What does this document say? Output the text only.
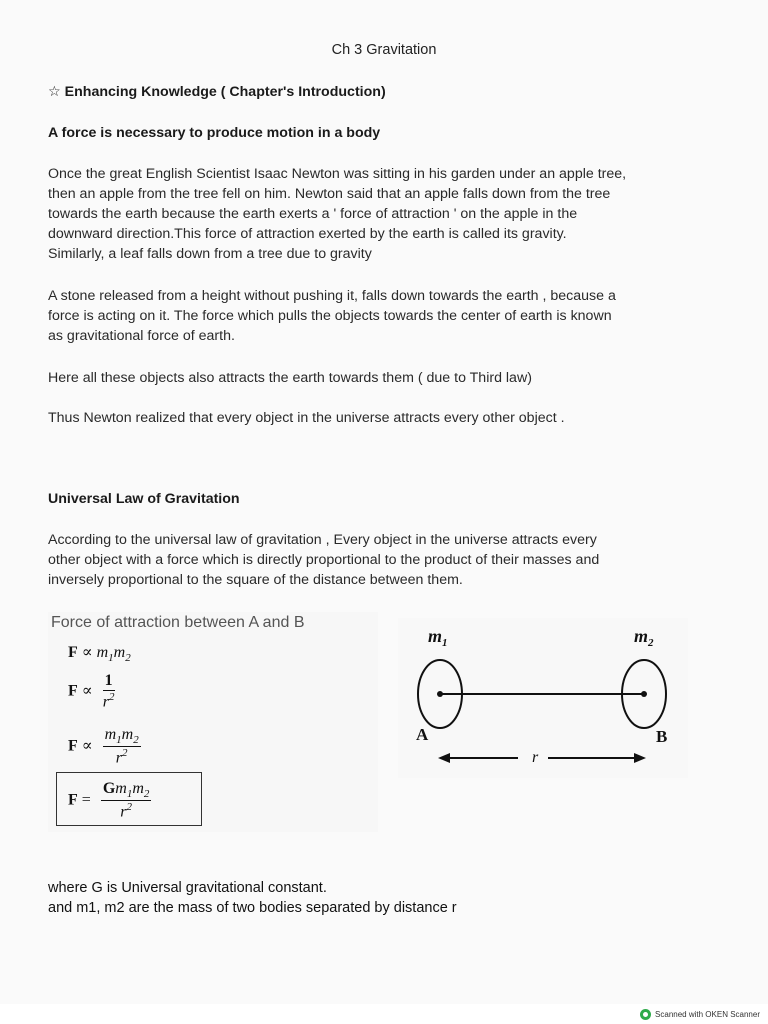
Ch 3 Gravitation
☆ Enhancing Knowledge ( Chapter's Introduction)
A force is necessary to produce motion in a body
Once the great English Scientist Isaac Newton was sitting in his garden under an apple tree,
then an apple from the tree fell on him. Newton said that an apple falls down from the tree
towards the earth because the earth exerts a ' force of attraction ' on the apple in the
downward direction.This force of attraction exerted by the earth is called its gravity.
Similarly, a leaf falls down from a tree due to gravity
A stone released from a height without pushing it, falls down towards the earth , because a
force is acting on it. The force which pulls the objects towards the center of earth is known
as gravitational force of earth.
Here all these objects also attracts the earth towards them ( due to Third law)
Thus Newton realized that every object in the universe attracts every other object .
Universal Law of Gravitation
According to the universal law of gravitation , Every object in the universe attracts every
other object with a force which is directly proportional to the product of their masses and
inversely proportional to the square of the distance between them.
Force of attraction between A and B
$F \propto m_1m_2$
$F \propto \frac{1}{r^2}$
$F \propto \frac{m_1m_2}{r^2}$
$F = \frac{Gm_1m_2}{r^2}$
$m_1$	$m_2$
A	B
r
where G is Universal gravitational constant.
and m1, m2 are the mass of two bodies separated by distance r
Scanned with OKEN Scanner
